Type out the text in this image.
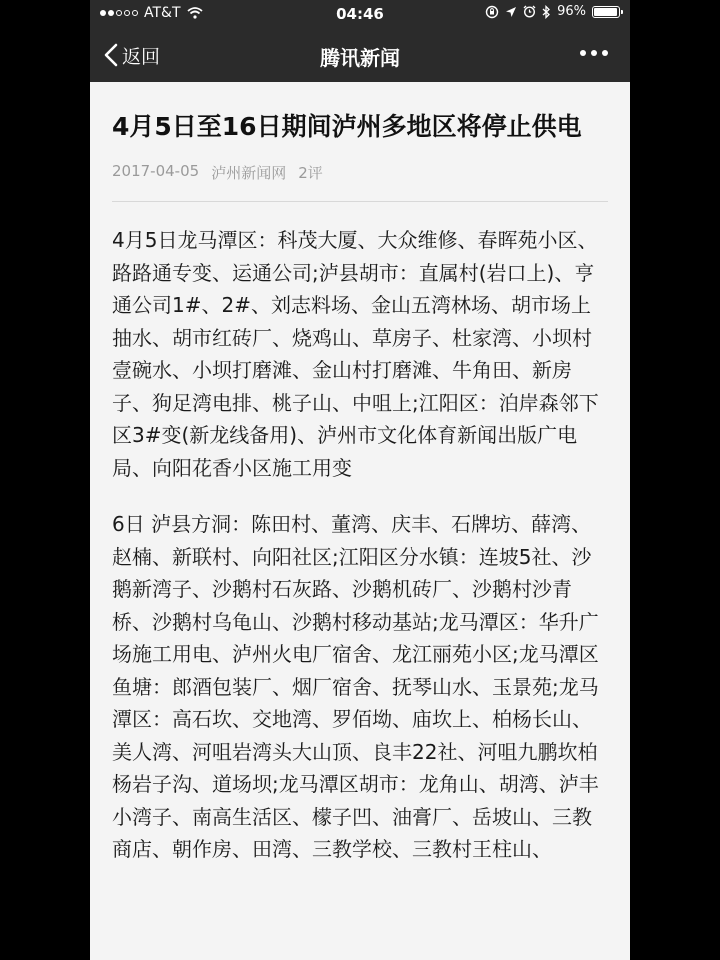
AT&T	04:46	96%
返回	腾讯新闻
4月5日至16日期间泸州多地区将停止供电
2017-04-05 泸州新闻网 2评

4月5日龙马潭区：科茂大厦、大众维修、春晖苑小区、路路通专变、运通公司;泸县胡市：直属村(岩口上)、亨通公司1#、2#、刘志料场、金山五湾林场、胡市场上抽水、胡市红砖厂、烧鸡山、草房子、杜家湾、小坝村壹碗水、小坝打磨滩、金山村打磨滩、牛角田、新房子、狗足湾电排、桃子山、中咀上;江阳区：泊岸森邻下区3#变(新龙线备用)、泸州市文化体育新闻出版广电局、向阳花香小区施工用变

6日 泸县方洞：陈田村、董湾、庆丰、石牌坊、薛湾、赵楠、新联村、向阳社区;江阳区分水镇：连坡5社、沙鹅新湾子、沙鹅村石灰路、沙鹅机砖厂、沙鹅村沙青桥、沙鹅村乌龟山、沙鹅村移动基站;龙马潭区：华升广场施工用电、泸州火电厂宿舍、龙江丽苑小区;龙马潭区鱼塘：郎酒包装厂、烟厂宿舍、抚琴山水、玉景苑;龙马潭区：高石坎、交地湾、罗佰坳、庙坎上、柏杨长山、美人湾、河咀岩湾头大山顶、良丰22社、河咀九鹏坎柏杨岩子沟、道场坝;龙马潭区胡市：龙角山、胡湾、泸丰小湾子、南高生活区、檬子凹、油膏厂、岳坡山、三教商店、朝作房、田湾、三教学校、三教村王柱山、
